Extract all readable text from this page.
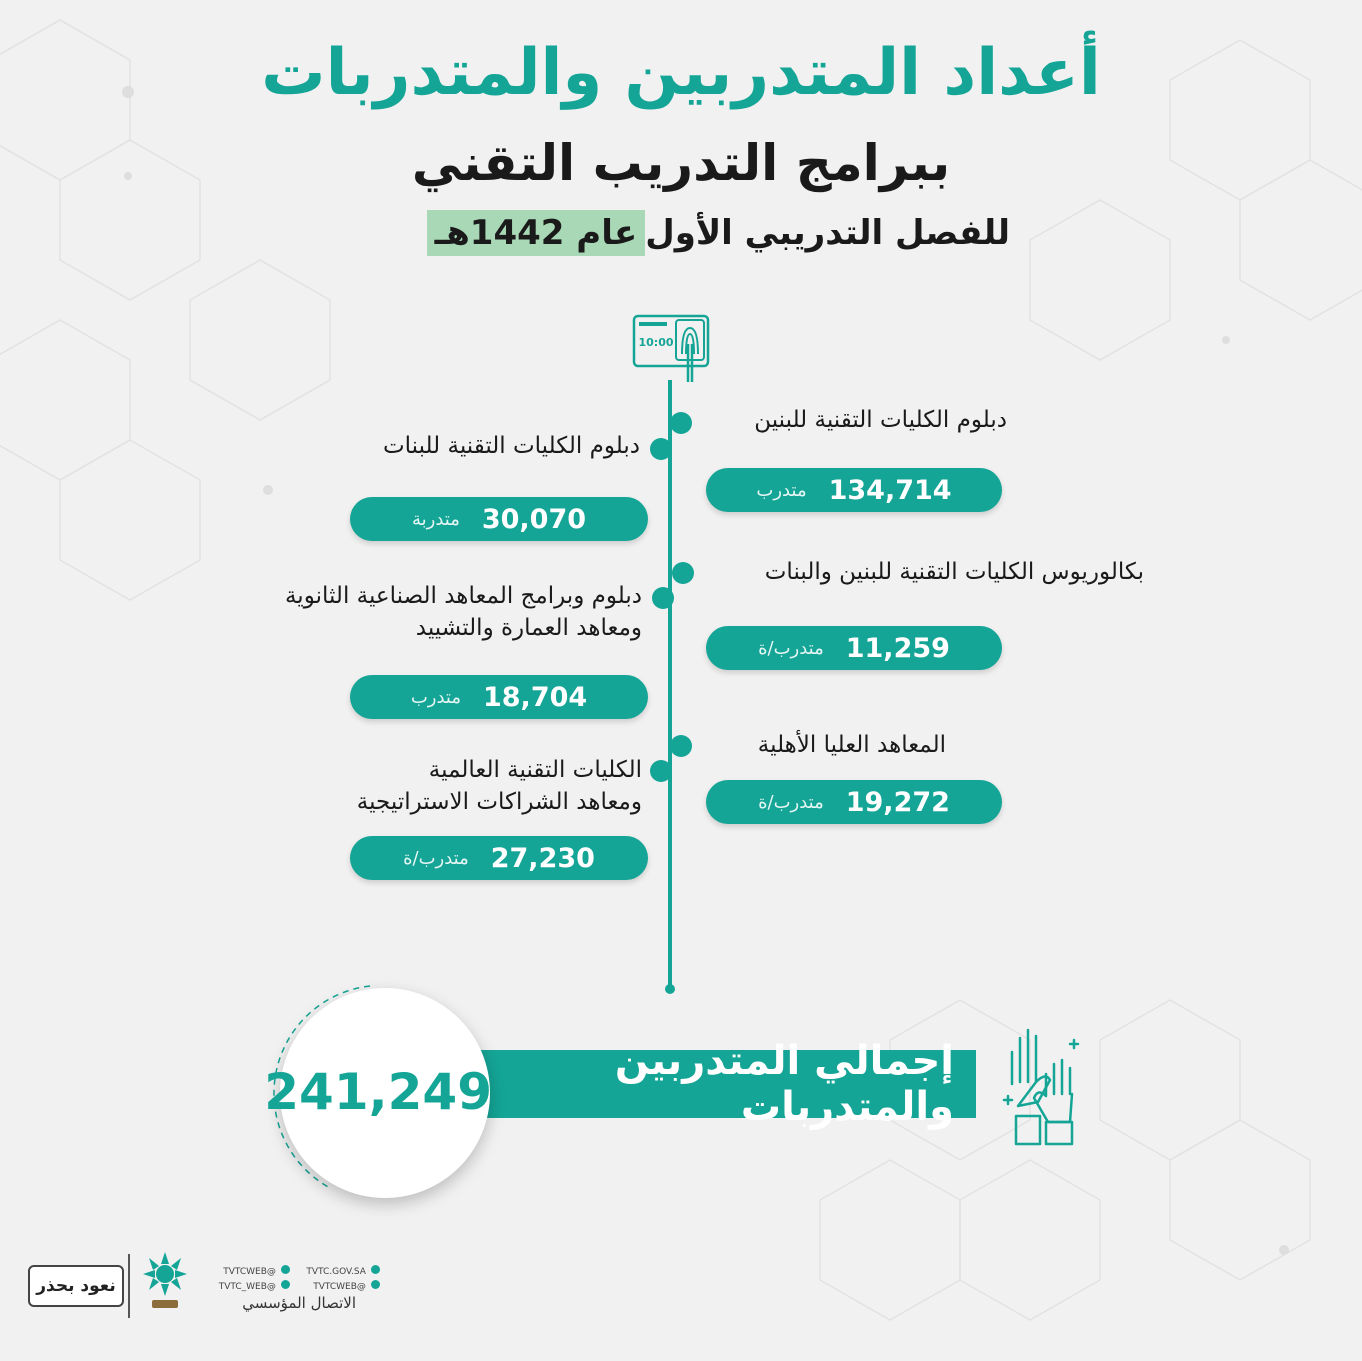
أعداد المتدربين والمتدربات
ببرامج التدريب التقني
للفصل التدريبي الأول
عام 1442هـ
10:00
دبلوم الكليات التقنية للبنين
134,714
متدرب
بكالوريوس الكليات التقنية للبنين والبنات
11,259
متدرب/ة
المعاهد العليا الأهلية
19,272
متدرب/ة
دبلوم الكليات التقنية للبنات
30,070
متدربة
دبلوم وبرامج المعاهد الصناعية الثانوية
ومعاهد العمارة والتشييد
18,704
متدرب
الكليات التقنية العالمية
ومعاهد الشراكات الاستراتيجية
27,230
متدرب/ة
إجمالي المتدربين والمتدربات
241,249
نعود بحذر
@TVTCWEB
@TVTC_WEB
TVTC.GOV.SA
@TVTCWEB
الاتصال المؤسسي
